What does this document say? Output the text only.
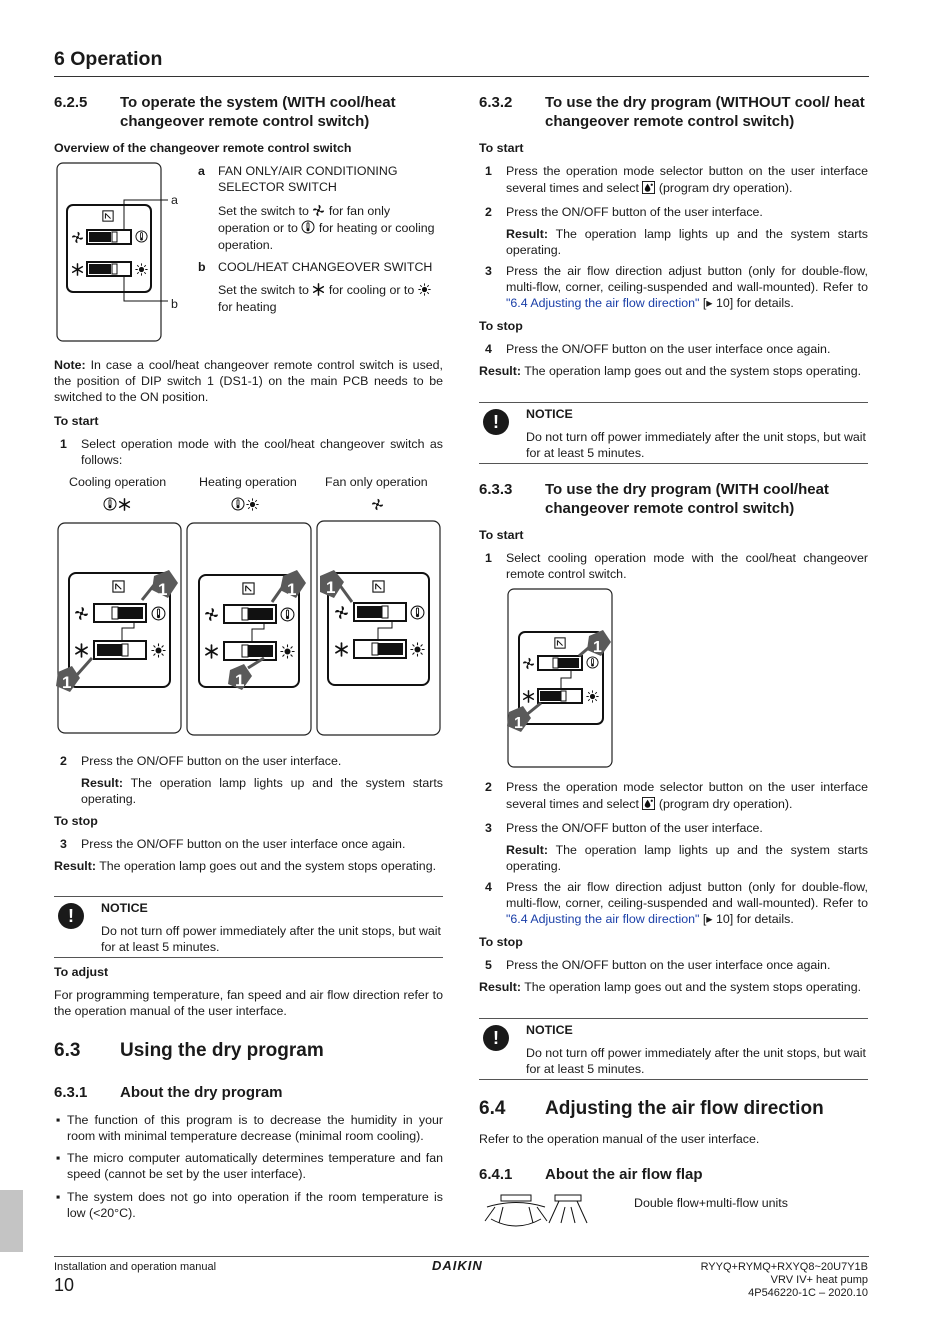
6 Operation
6.2.5 To operate the system (WITH cool/heat changeover remote control switch)
Overview of the changeover remote control switch
a
b
a FAN ONLY/AIR CONDITIONING SELECTOR SWITCH
Set the switch to for fan only operation or to for heating or cooling operation.
b COOL/HEAT CHANGEOVER SWITCH
Set the switch to for cooling or to  for heating
Note: In case a cool/heat changeover remote control switch is used, the position of DIP switch 1 (DS1-1) on the main PCB needs to be switched to the ON position.
To start
1 Select operation mode with the cool/heat changeover switch as follows:
Cooling operation	Heating operation Fan only operation
1
1
1
1
1
2 Press the ON/OFF button on the user interface.
Result: The operation lamp lights up and the system starts operating.
To stop
3 Press the ON/OFF button on the user interface once again.
Result: The operation lamp goes out and the system stops operating.
!	NOTICE
Do not turn off power immediately after the unit stops, but wait for at least 5 minutes.
To adjust
For programming temperature, fan speed and air flow direction refer to the operation manual of the user interface.
6.3 Using the dry program
6.3.1 About the dry program
▪ The function of this program is to decrease the humidity in your room with minimal temperature decrease (minimal room cooling).
▪ The micro computer automatically determines temperature and fan speed (cannot be set by the user interface).
▪ The system does not go into operation if the room temperature is low (<20°C).
6.3.2 To use the dry program (WITHOUT cool/ heat changeover remote control switch)
To start
1 Press the operation mode selector button on the user interface several times and select  (program dry operation).
2 Press the ON/OFF button of the user interface.
Result: The operation lamp lights up and the system starts operating.
3 Press the air flow direction adjust button (only for double-flow, multi-flow, corner, ceiling-suspended and wall-mounted). Refer to "6.4 Adjusting the air flow direction" [▸ 10] for details.
To stop
4 Press the ON/OFF button on the user interface once again.
Result: The operation lamp goes out and the system stops operating.
!	NOTICE
Do not turn off power immediately after the unit stops, but wait for at least 5 minutes.
6.3.3 To use the dry program (WITH cool/heat changeover remote control switch)
To start
1 Select cooling operation mode with the cool/heat changeover remote control switch.
1
1
2 Press the operation mode selector button on the user interface several times and select  (program dry operation).
3 Press the ON/OFF button of the user interface.
Result: The operation lamp lights up and the system starts operating.
4 Press the air flow direction adjust button (only for double-flow, multi-flow, corner, ceiling-suspended and wall-mounted). Refer to "6.4 Adjusting the air flow direction" [▸ 10] for details.
To stop
5 Press the ON/OFF button on the user interface once again.
Result: The operation lamp goes out and the system stops operating.
!	NOTICE
Do not turn off power immediately after the unit stops, but wait for at least 5 minutes.
6.4 Adjusting the air flow direction
Refer to the operation manual of the user interface.
6.4.1 About the air flow flap
Double flow+multi-flow units
Installation and operation manual
10
DAIKIN	RYYQ+RYMQ+RXYQ8~20U7Y1B
VRV IV+ heat pump
4P546220-1C – 2020.10
